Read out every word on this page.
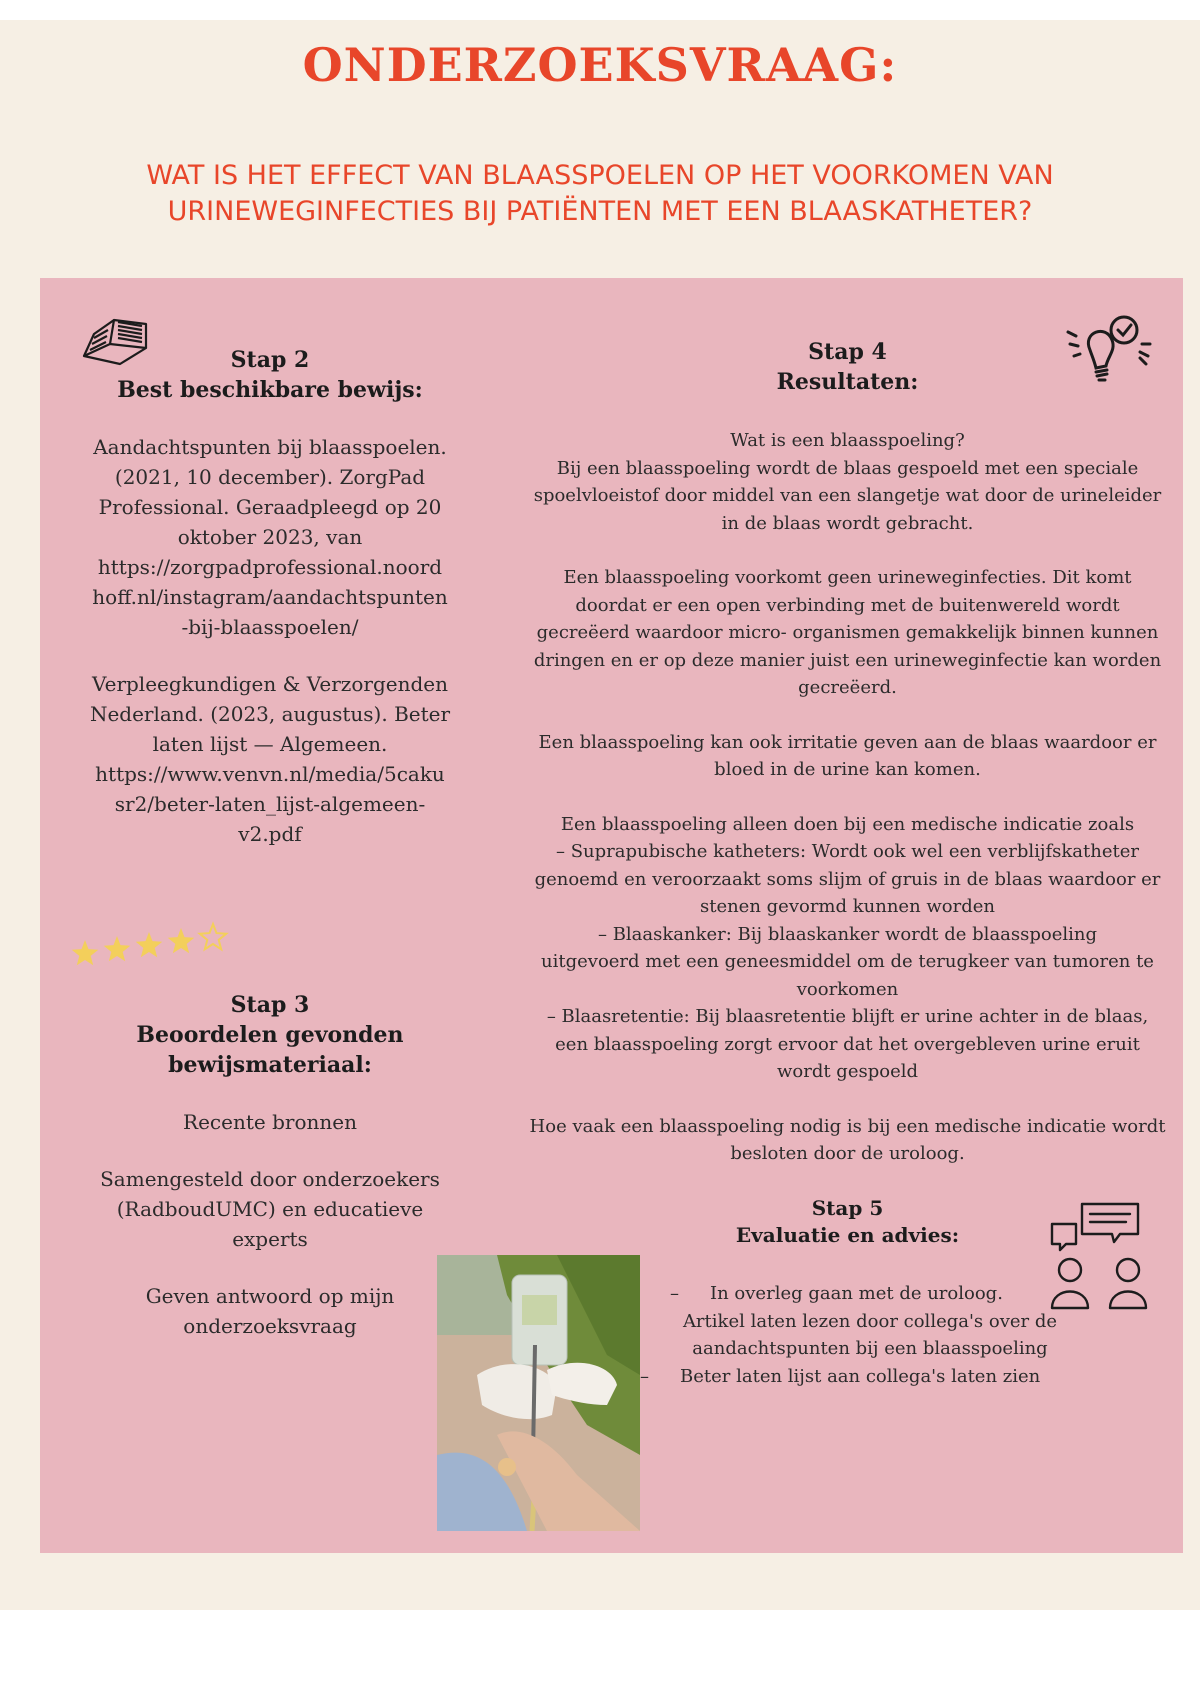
ONDERZOEKSVRAAG:
WAT IS HET EFFECT VAN BLAASSPOELEN OP HET VOORKOMEN VAN URINEWEGINFECTIES BIJ PATIËNTEN MET EEN BLAASKATHETER?
Stap 2
Best beschikbare bewijs:

Aandachtspunten bij blaasspoelen.
(2021, 10 december). ZorgPad
Professional. Geraadpleegd op 20
oktober 2023, van
https://zorgpadprofessional.noord
hoff.nl/instagram/aandachtspunten
-bij-blaasspoelen/

Verpleegkundigen & Verzorgenden
Nederland. (2023, augustus). Beter
laten lijst — Algemeen.
https://www.venvn.nl/media/5caku
sr2/beter-laten_lijst-algemeen-
v2.pdf

Stap 3
Beoordelen gevonden
bewijsmateriaal:

Recente bronnen

Samengesteld door onderzoekers
(RadboudUMC) en educatieve
experts

Geven antwoord op mijn
onderzoeksvraag

Stap 4
Resultaten:

Wat is een blaasspoeling?
Bij een blaasspoeling wordt de blaas gespoeld met een speciale
spoelvloeistof door middel van een slangetje wat door de urineleider
in de blaas wordt gebracht.

Een blaasspoeling voorkomt geen urineweginfecties. Dit komt
doordat er een open verbinding met de buitenwereld wordt
gecreëerd waardoor micro- organismen gemakkelijk binnen kunnen
dringen en er op deze manier juist een urineweginfectie kan worden
gecreëerd.

Een blaasspoeling kan ook irritatie geven aan de blaas waardoor er
bloed in de urine kan komen.

Een blaasspoeling alleen doen bij een medische indicatie zoals
– Suprapubische katheters: Wordt ook wel een verblijfskatheter
genoemd en veroorzaakt soms slijm of gruis in de blaas waardoor er
stenen gevormd kunnen worden
– Blaaskanker: Bij blaaskanker wordt de blaasspoeling
uitgevoerd met een geneesmiddel om de terugkeer van tumoren te
voorkomen
– Blaasretentie: Bij blaasretentie blijft er urine achter in de blaas,
een blaasspoeling zorgt ervoor dat het overgebleven urine eruit
wordt gespoeld

Hoe vaak een blaasspoeling nodig is bij een medische indicatie wordt
besloten door de uroloog.

Stap 5
Evaluatie en advies:
–	In overleg gaan met de uroloog.
Artikel laten lezen door collega's over de
aandachtspunten bij een blaasspoeling
–	Beter laten lijst aan collega's laten zien
